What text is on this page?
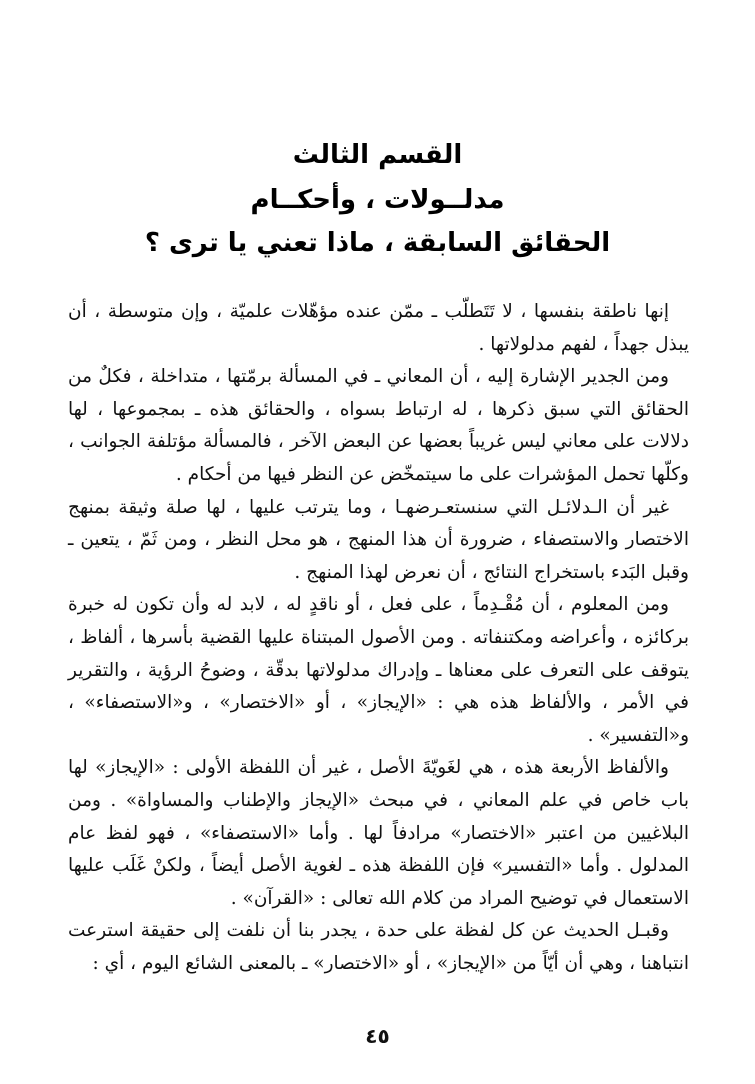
القسم الثالث
مدلــولات ، وأحكــام
الحقائق السابقة ، ماذا تعني يا ترى ؟

إنها ناطقة بنفسها ، لا تَتَطلّب ـ ممّن عنده مؤهّلات علميّة ، وإن متوسطة ، أن يبذل جهداً ، لفهم مدلولاتها .

ومن الجدير الإشارة إليه ، أن المعاني ـ في المسألة برمّتها ، متداخلة ، فكلٌ من الحقائق التي سبق ذكرها ، له ارتباط بسواه ، والحقائق هذه ـ بمجموعها ، لها دلالات على معاني ليس غريباً بعضها عن البعض الآخر ، فالمسألة مؤتلفة الجوانب ، وكلّها تحمل المؤشرات على ما سيتمخّض عن النظر فيها من أحكام .

غير أن الـدلائـل التي سنستعـرضهـا ، وما يترتب عليها ، لها صلة وثيقة بمنهج الاختصار والاستصفاء ، ضرورة أن هذا المنهج ، هو محل النظر ، ومن ثَمّ ، يتعين ـ وقبل البَدء باستخراج النتائج ، أن نعرض لهذا المنهج .

ومن المعلوم ، أن مُقْـدِماً ، على فعل ، أو ناقدٍ له ، لابد له وأن تكون له خبرة بركائزه ، وأعراضه ومكتنفاته . ومن الأصول المبتناة عليها القضية بأسرها ، ألفاظ ، يتوقف على التعرف على معناها ـ وإدراك مدلولاتها بدقّة ، وضوحُ الرؤية ، والتقرير في الأمر ، والألفاظ هذه هي : «الإيجاز» ، أو «الاختصار» ، و«الاستصفاء» ، و«التفسير» .

والألفاظ الأربعة هذه ، هي لغَويّةَ الأصل ، غير أن اللفظة الأولى : «الإيجاز» لها باب خاص في علم المعاني ، في مبحث «الإيجاز والإطناب والمساواة» . ومن البلاغيين من اعتبر «الاختصار» مرادفاً لها . وأما «الاستصفاء» ، فهو لفظ عام المدلول . وأما «التفسير» فإن اللفظة هذه ـ لغوية الأصل أيضاً ، ولكنْ غَلَب عليها الاستعمال في توضيح المراد من كلام الله تعالى : «القرآن» .

وقبـل الحديث عن كل لفظة على حدة ، يجدر بنا أن نلفت إلى حقيقة استرعت انتباهنا ، وهي أن أيّاً من «الإيجاز» ، أو «الاختصار» ـ بالمعنى الشائع اليوم ، أي :

٤٥
